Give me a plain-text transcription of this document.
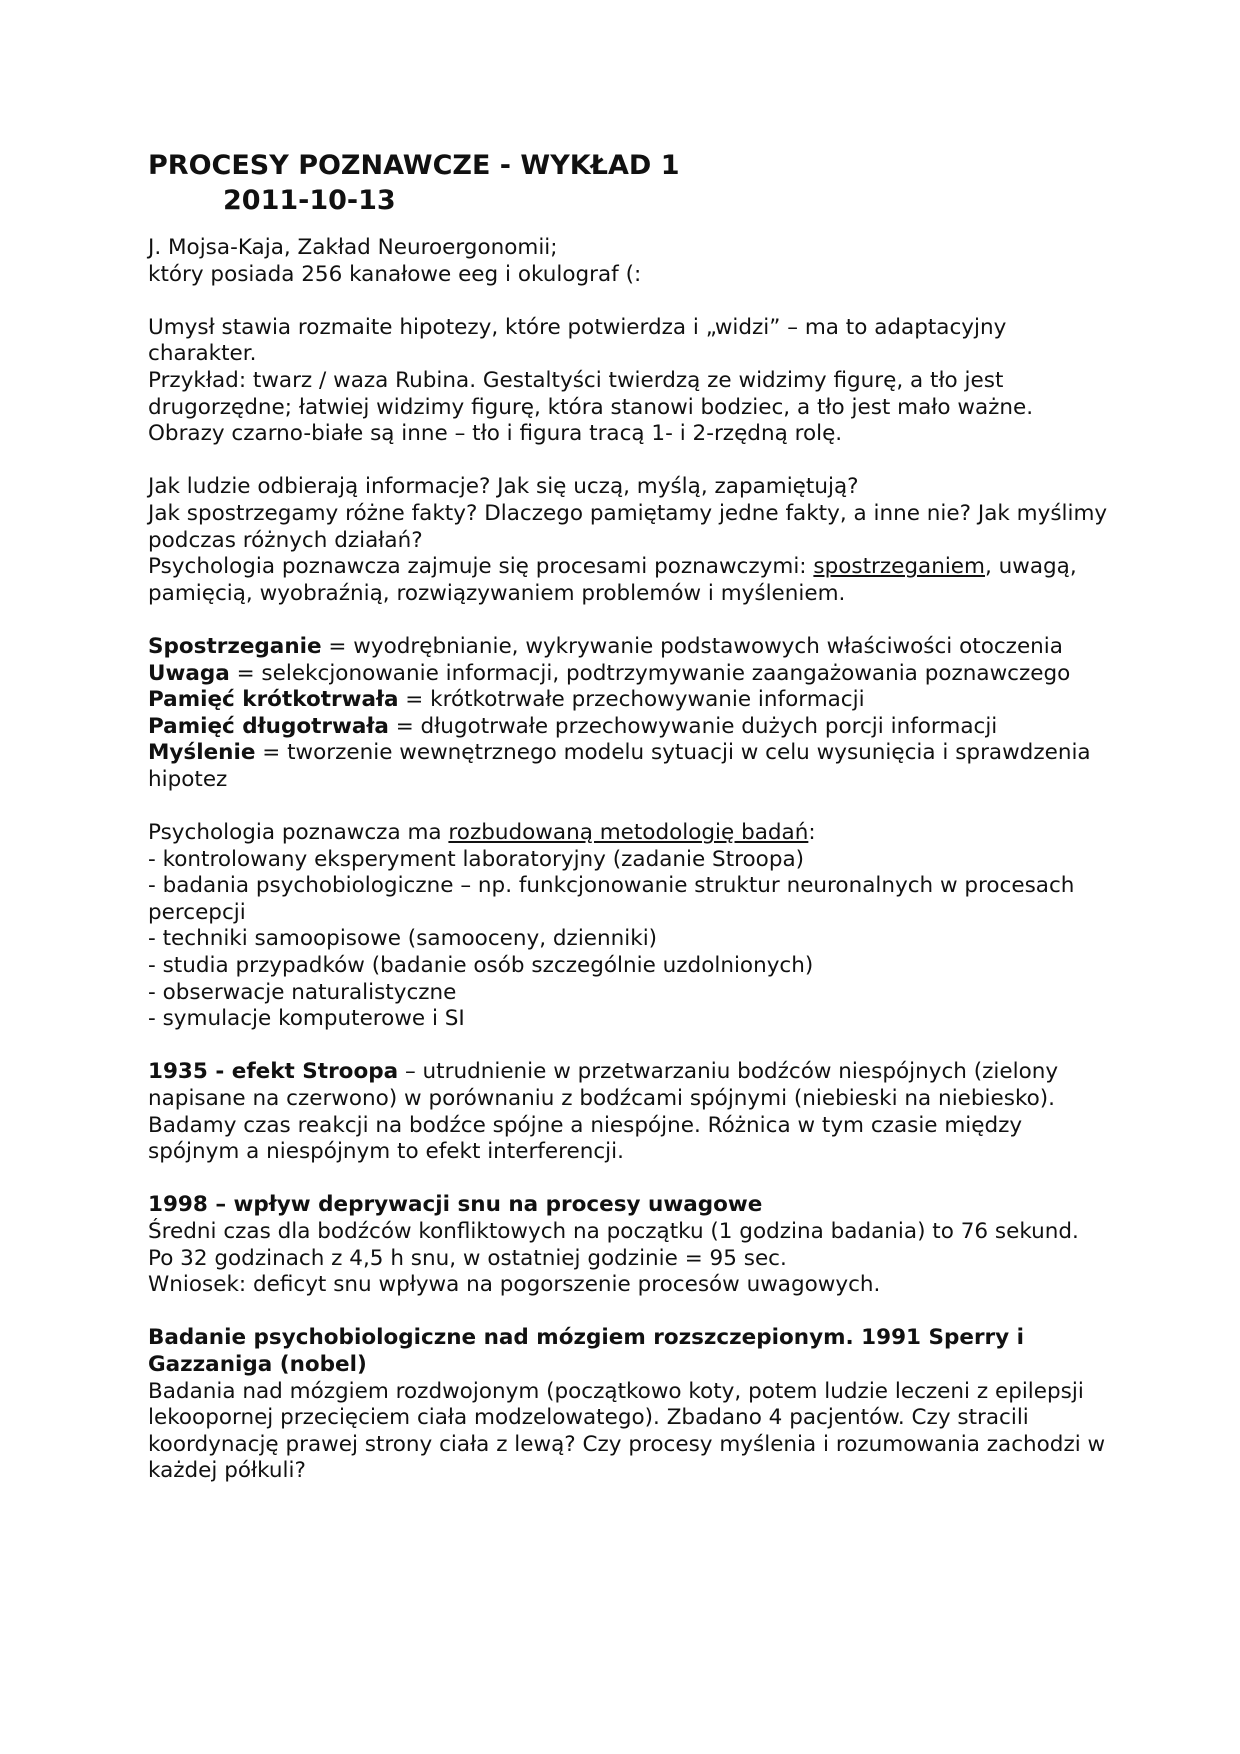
PROCESY POZNAWCZE - WYKŁAD 1
2011-10-13

J. Mojsa-Kaja, Zakład Neuroergonomii;

który posiada 256 kanałowe eeg i okulograf (:

Umysł stawia rozmaite hipotezy, które potwierdza i „widzi” – ma to adaptacyjny charakter.

Przykład: twarz / waza Rubina. Gestaltyści twierdzą ze widzimy figurę, a tło jest drugorzędne; łatwiej widzimy figurę, która stanowi bodziec, a tło jest mało ważne.

Obrazy czarno-białe są inne – tło i figura tracą 1- i 2-rzędną rolę.

Jak ludzie odbierają informacje? Jak się uczą, myślą, zapamiętują?

Jak spostrzegamy różne fakty? Dlaczego pamiętamy jedne fakty, a inne nie? Jak myślimy podczas różnych działań?

Psychologia poznawcza zajmuje się procesami poznawczymi: spostrzeganiem, uwagą, pamięcią, wyobraźnią, rozwiązywaniem problemów i myśleniem.

Spostrzeganie = wyodrębnianie, wykrywanie podstawowych właściwości otoczenia

Uwaga = selekcjonowanie informacji, podtrzymywanie zaangażowania poznawczego

Pamięć krótkotrwała = krótkotrwałe przechowywanie informacji

Pamięć długotrwała = długotrwałe przechowywanie dużych porcji informacji

Myślenie = tworzenie wewnętrznego modelu sytuacji w celu wysunięcia i sprawdzenia hipotez

Psychologia poznawcza ma rozbudowaną metodologię badań:

- kontrolowany eksperyment laboratoryjny (zadanie Stroopa)

- badania psychobiologiczne – np. funkcjonowanie struktur neuronalnych w procesach percepcji

- techniki samoopisowe (samooceny, dzienniki)

- studia przypadków (badanie osób szczególnie uzdolnionych)

- obserwacje naturalistyczne

- symulacje komputerowe i SI

1935 - efekt Stroopa – utrudnienie w przetwarzaniu bodźców niespójnych (zielony napisane na czerwono) w porównaniu z bodźcami spójnymi (niebieski na niebiesko).

Badamy czas reakcji na bodźce spójne a niespójne. Różnica w tym czasie między spójnym a niespójnym to efekt interferencji.

1998 – wpływ deprywacji snu na procesy uwagowe

Średni czas dla bodźców konfliktowych na początku (1 godzina badania) to 76 sekund. Po 32 godzinach z 4,5 h snu, w ostatniej godzinie = 95 sec.

Wniosek: deficyt snu wpływa na pogorszenie procesów uwagowych.

Badanie psychobiologiczne nad mózgiem rozszczepionym. 1991 Sperry i Gazzaniga (nobel)

Badania nad mózgiem rozdwojonym (początkowo koty, potem ludzie leczeni z epilepsji lekoopornej przecięciem ciała modzelowatego). Zbadano 4 pacjentów. Czy stracili koordynację prawej strony ciała z lewą? Czy procesy myślenia i rozumowania zachodzi w każdej półkuli?
